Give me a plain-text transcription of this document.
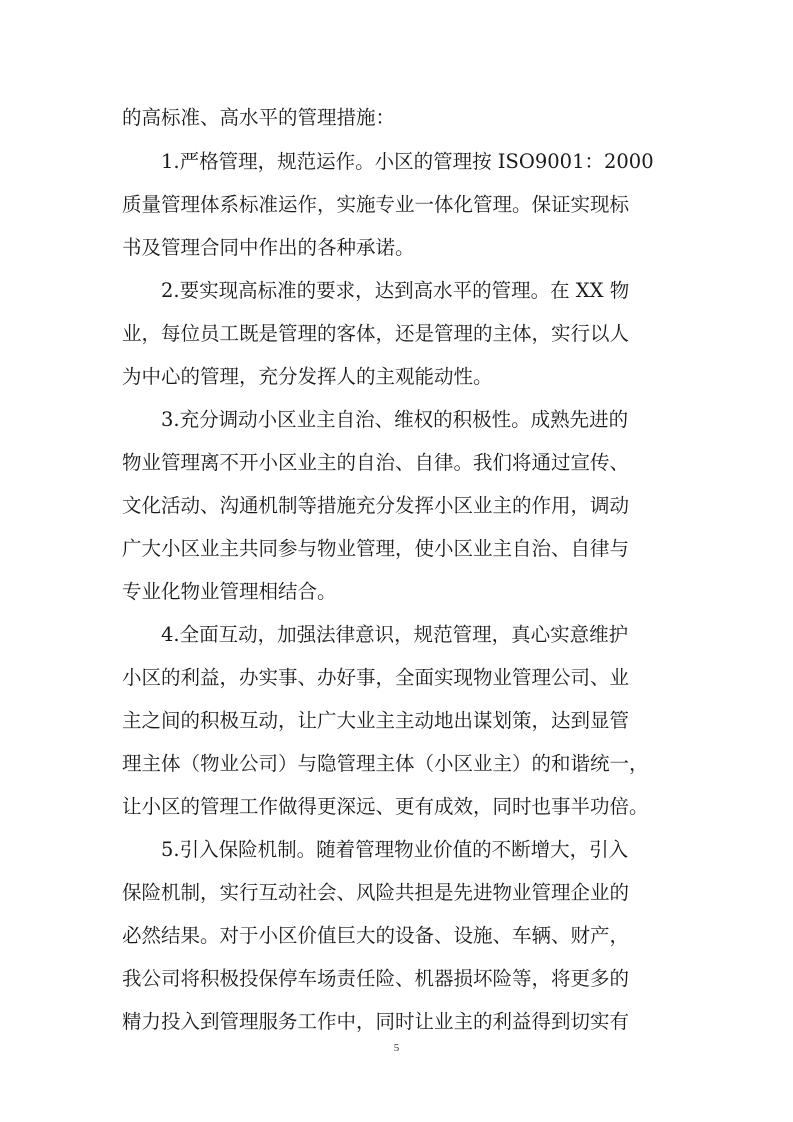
的高标准、高水平的管理措施：
1.严格管理，规范运作。小区的管理按 ISO9001：2000
质量管理体系标准运作，实施专业一体化管理。保证实现标
书及管理合同中作出的各种承诺。
2.要实现高标准的要求，达到高水平的管理。在 XX 物
业，每位员工既是管理的客体，还是管理的主体，实行以人
为中心的管理，充分发挥人的主观能动性。
3.充分调动小区业主自治、维权的积极性。成熟先进的
物业管理离不开小区业主的自治、自律。我们将通过宣传、
文化活动、沟通机制等措施充分发挥小区业主的作用，调动
广大小区业主共同参与物业管理，使小区业主自治、自律与
专业化物业管理相结合。
4.全面互动，加强法律意识，规范管理，真心实意维护
小区的利益，办实事、办好事，全面实现物业管理公司、业
主之间的积极互动，让广大业主主动地出谋划策，达到显管
理主体（物业公司）与隐管理主体（小区业主）的和谐统一，
让小区的管理工作做得更深远、更有成效，同时也事半功倍。
5.引入保险机制。随着管理物业价值的不断增大，引入
保险机制，实行互动社会、风险共担是先进物业管理企业的
必然结果。对于小区价值巨大的设备、设施、车辆、财产，
我公司将积极投保停车场责任险、机器损坏险等，将更多的
精力投入到管理服务工作中，同时让业主的利益得到切实有
5
